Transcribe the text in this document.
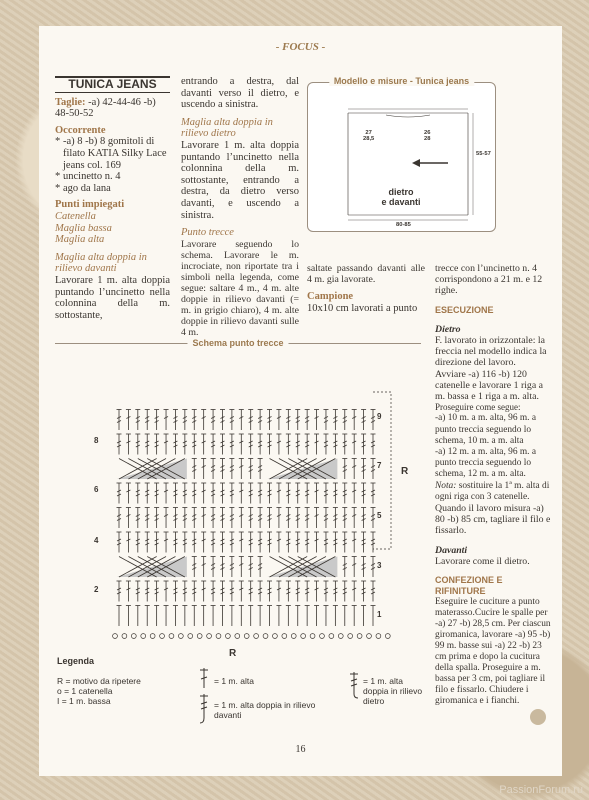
- FOCUS -
TUNICA JEANS

Taglie: -a) 42-44-46 -b) 48-50-52

Occorrente
* -a) 8 -b) 8 gomitoli di filato KATIA Silky Lace jeans col. 169
* uncinetto n. 4
* ago da lana
Punti impiegati
Catenella
Maglia bassa
Maglia alta
Maglia alta doppia in rilievo davanti

Lavorare 1 m. alta doppia puntando l’uncinetto nella colonnina della m. sottostante,

entrando a destra, dal davanti verso il dietro, e uscendo a sinistra.

Maglia alta doppia in rilievo dietro

Lavorare 1 m. alta doppia puntando l’uncinetto nella colonnina della m. sottostante, entrando a destra, da dietro verso davanti, e uscendo a sinistra.

Punto trecce

Lavorare seguendo lo schema. Lavorare le m. incrociate, non riportate tra i simboli nella legenda, come segue: saltare 4 m., 4 m. alte doppie in rilievo davanti (= m. in grigio chiaro), 4 m. alte doppie in rilievo davanti sulle 4 m.

Modello e misure - Tunica jeans
27
28,5
26
28
55-57
80-85
dietro
e davanti

saltate passando davanti alle 4 m. gia lavorate.

Campione

10x10 cm lavorati a punto

trecce con l’uncinetto n. 4 corrispondono a 21 m. e 12 righe.

ESECUZIONE
Dietro

F. lavorato in orizzontale: la freccia nel modello indica la direzione del lavoro.

Avviare -a) 116 -b) 120 catenelle e lavorare 1 riga a m. bassa e 1 riga a m. alta.

Proseguire come segue:

-a) 10 m. a m. alta, 96 m. a punto treccia seguendo lo schema, 10 m. a m. alta

-a) 12 m. a m. alta, 96 m. a punto treccia seguendo lo schema, 12 m. a m. alta.

Nota: sostituire la 1ª m. alta di ogni riga con 3 catenelle.

Quando il lavoro misura -a) 80 -b) 85 cm, tagliare il filo e fissarlo.

Davanti

Lavorare come il dietro.

CONFEZIONE E RIFINITURE

Eseguire le cuciture a punto materasso.Cucire le spalle per -a) 27 -b) 28,5 cm. Per ciascun giromanica, lavorare -a) 95 -b) 99 m. basse sui -a) 22 -b) 23 cm prima e dopo la cucitura della spalla. Proseguire a m. bassa per 3 cm, poi tagliare il filo e fissarlo. Chiudere i giromanica e i fianchi.

Schema punto trecce
8
6
4
2
9
7
5
3
1
R
R
Legenda
R = motivo da ripetere
o = 1 catenella
I = 1 m. bassa
= 1 m. alta
= 1 m. alta doppia in rilievo davanti
= 1 m. alta doppia in rilievo dietro
16
PassionForum.ru
